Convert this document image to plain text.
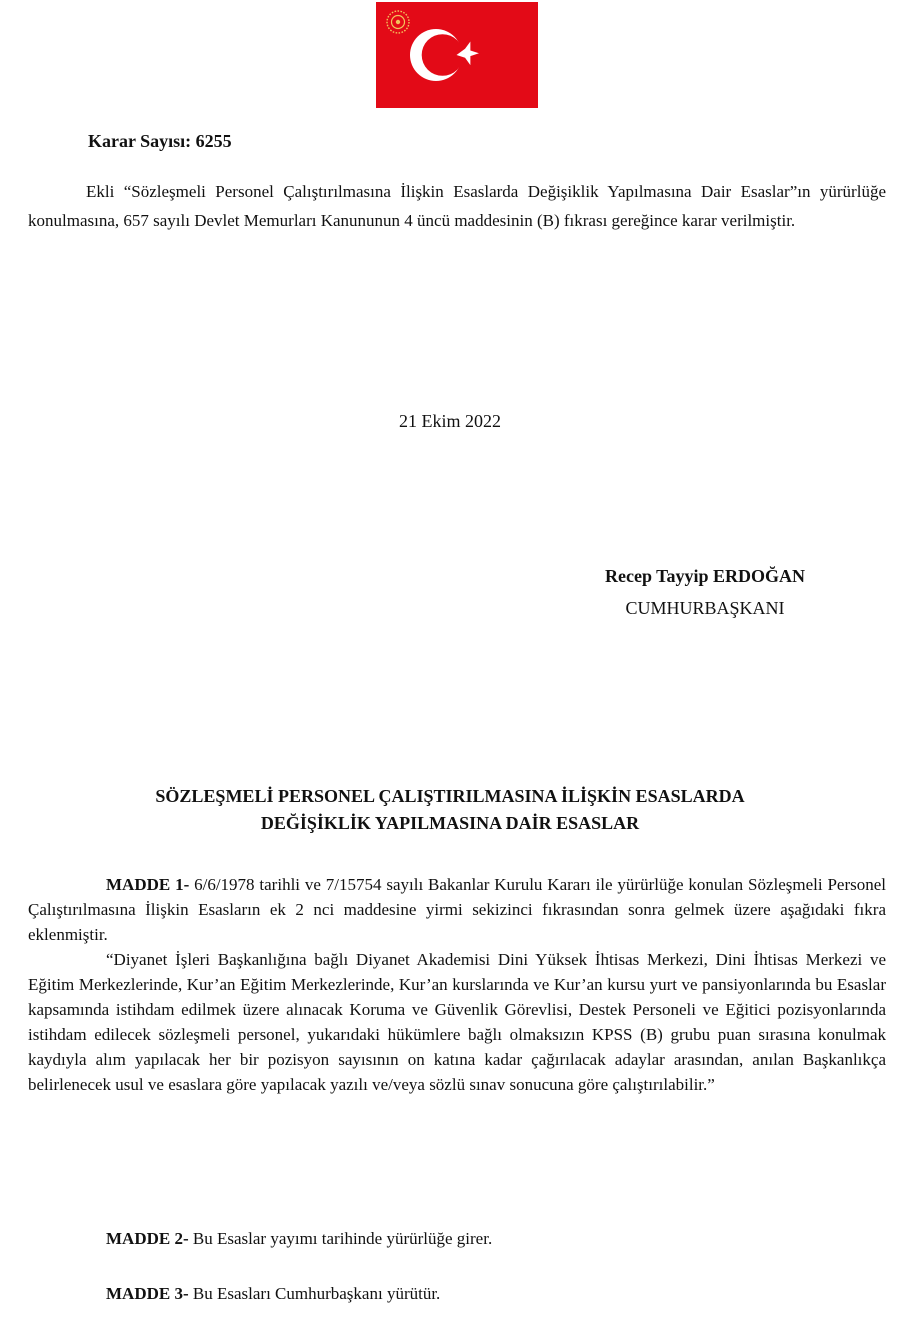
Karar Sayısı: 6255

Ekli “Sözleşmeli Personel Çalıştırılmasına İlişkin Esaslarda Değişiklik Yapılmasına Dair Esaslar”ın yürürlüğe konulmasına, 657 sayılı Devlet Memurları Kanununun 4 üncü maddesinin (B) fıkrası gereğince karar verilmiştir.

21 Ekim 2022
Recep Tayyip ERDOĞAN
CUMHURBAŞKANI
SÖZLEŞMELİ PERSONEL ÇALIŞTIRILMASINA İLİŞKİN ESASLARDA
DEĞİŞİKLİK YAPILMASINA DAİR ESASLAR

MADDE 1- 6/6/1978 tarihli ve 7/15754 sayılı Bakanlar Kurulu Kararı ile yürürlüğe konulan Sözleşmeli Personel Çalıştırılmasına İlişkin Esasların ek 2 nci maddesine yirmi sekizinci fıkrasından sonra gelmek üzere aşağıdaki fıkra eklenmiştir.

“Diyanet İşleri Başkanlığına bağlı Diyanet Akademisi Dini Yüksek İhtisas Merkezi, Dini İhtisas Merkezi ve Eğitim Merkezlerinde, Kur’an Eğitim Merkezlerinde, Kur’an kurslarında ve Kur’an kursu yurt ve pansiyonlarında bu Esaslar kapsamında istihdam edilmek üzere alınacak Koruma ve Güvenlik Görevlisi, Destek Personeli ve Eğitici pozisyonlarında istihdam edilecek sözleşmeli personel, yukarıdaki hükümlere bağlı olmaksızın KPSS (B) grubu puan sırasına konulmak kaydıyla alım yapılacak her bir pozisyon sayısının on katına kadar çağırılacak adaylar arasından, anılan Başkanlıkça belirlenecek usul ve esaslara göre yapılacak yazılı ve/veya sözlü sınav sonucuna göre çalıştırılabilir.”

MADDE 2- Bu Esaslar yayımı tarihinde yürürlüğe girer.
MADDE 3- Bu Esasları Cumhurbaşkanı yürütür.
